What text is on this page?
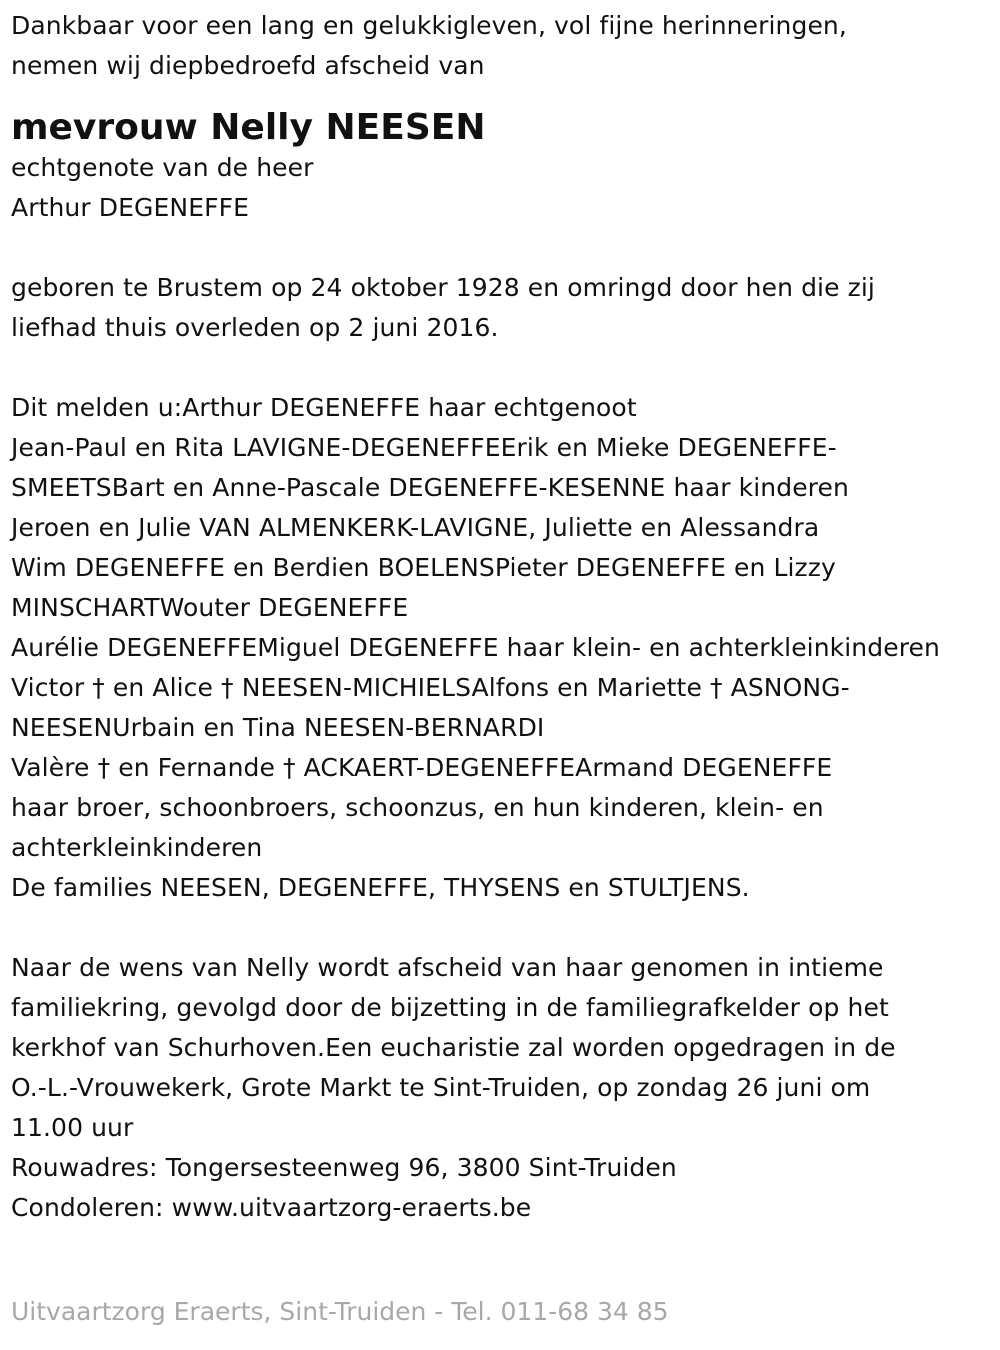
Dankbaar voor een lang en gelukkigleven, vol fijne herinneringen,
nemen wij diepbedroefd afscheid van
mevrouw Nelly NEESEN
echtgenote van de heer
Arthur DEGENEFFE
geboren te Brustem op 24 oktober 1928 en omringd door hen die zij
liefhad thuis overleden op 2 juni 2016.
Dit melden u:Arthur DEGENEFFE haar echtgenoot
Jean-Paul en Rita LAVIGNE-DEGENEFFEErik en Mieke DEGENEFFE-
SMEETSBart en Anne-Pascale DEGENEFFE-KESENNE haar kinderen
Jeroen en Julie VAN ALMENKERK-LAVIGNE, Juliette en Alessandra
Wim DEGENEFFE en Berdien BOELENSPieter DEGENEFFE en Lizzy
MINSCHARTWouter DEGENEFFE
Aurélie DEGENEFFEMiguel DEGENEFFE haar klein- en achterkleinkinderen
Victor † en Alice † NEESEN-MICHIELSAlfons en Mariette † ASNONG-
NEESENUrbain en Tina NEESEN-BERNARDI
Valère † en Fernande † ACKAERT-DEGENEFFEArmand DEGENEFFE
haar broer, schoonbroers, schoonzus, en hun kinderen, klein- en
achterkleinkinderen
De families NEESEN, DEGENEFFE, THYSENS en STULTJENS.
Naar de wens van Nelly wordt afscheid van haar genomen in intieme
familiekring, gevolgd door de bijzetting in de familiegrafkelder op het
kerkhof van Schurhoven.Een eucharistie zal worden opgedragen in de
O.-L.-Vrouwekerk, Grote Markt te Sint-Truiden, op zondag 26 juni om
11.00 uur
Rouwadres: Tongersesteenweg 96, 3800 Sint-Truiden
Condoleren: www.uitvaartzorg-eraerts.be
Uitvaartzorg Eraerts, Sint-Truiden - Tel. 011-68 34 85
